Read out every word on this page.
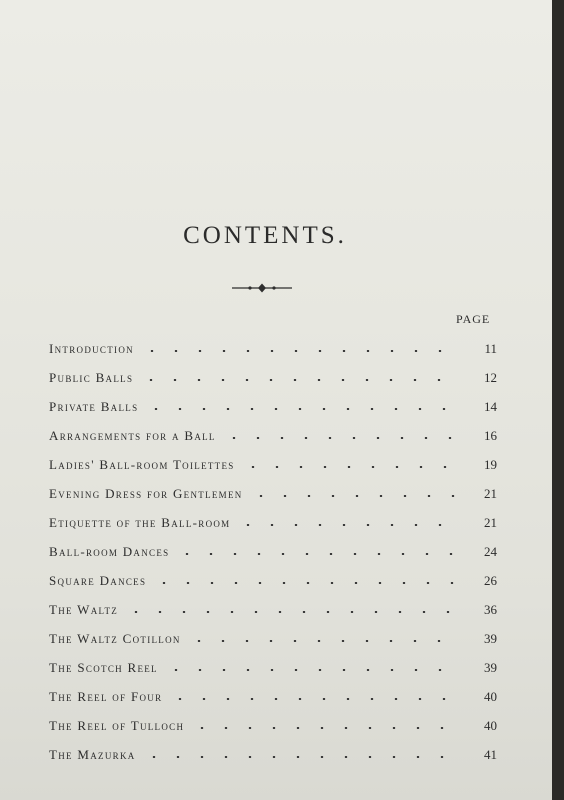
CONTENTS.
PAGE
Introduction	11
Public Balls	12
Private Balls	14
Arrangements for a Ball	16
Ladies' Ball-room Toilettes	19
Evening Dress for Gentlemen	21
Etiquette of the Ball-room	21
Ball-room Dances	24
Square Dances	26
The Waltz	36
The Waltz Cotillon	39
The Scotch Reel	39
The Reel of Four	40
The Reel of Tulloch	40
The Mazurka	41
